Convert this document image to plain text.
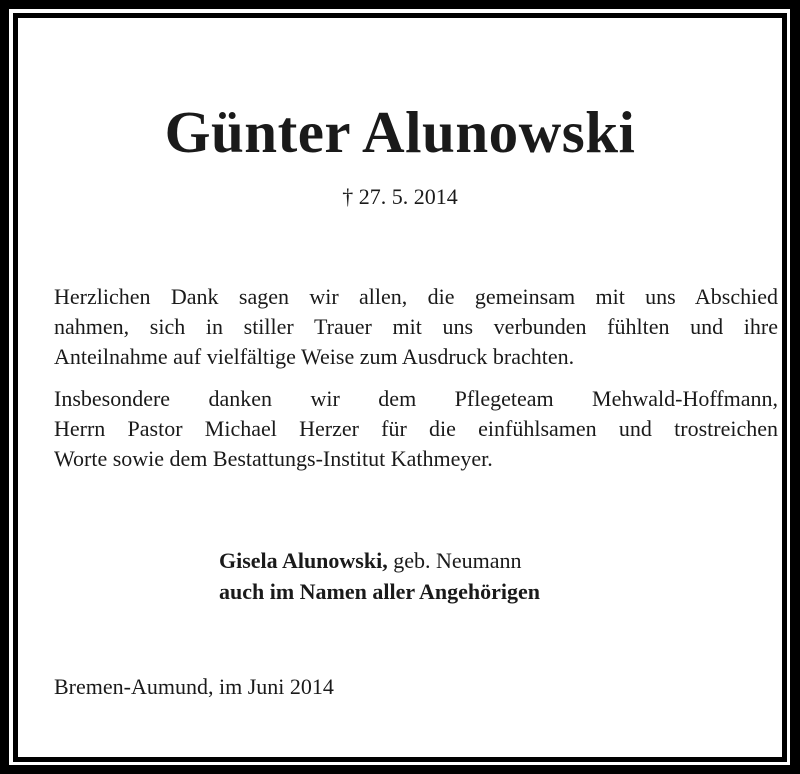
Günter Alunowski
† 27. 5. 2014
Herzlichen Dank sagen wir allen, die gemeinsam mit uns Abschied
nahmen, sich in stiller Trauer mit uns verbunden fühlten und ihre
Anteilnahme auf vielfältige Weise zum Ausdruck brachten.
Insbesondere danken wir dem Pflegeteam Mehwald-Hoffmann,
Herrn Pastor Michael Herzer für die einfühlsamen und trostreichen
Worte sowie dem Bestattungs-Institut Kathmeyer.
Gisela Alunowski, geb. Neumann
auch im Namen aller Angehörigen
Bremen-Aumund, im Juni 2014
